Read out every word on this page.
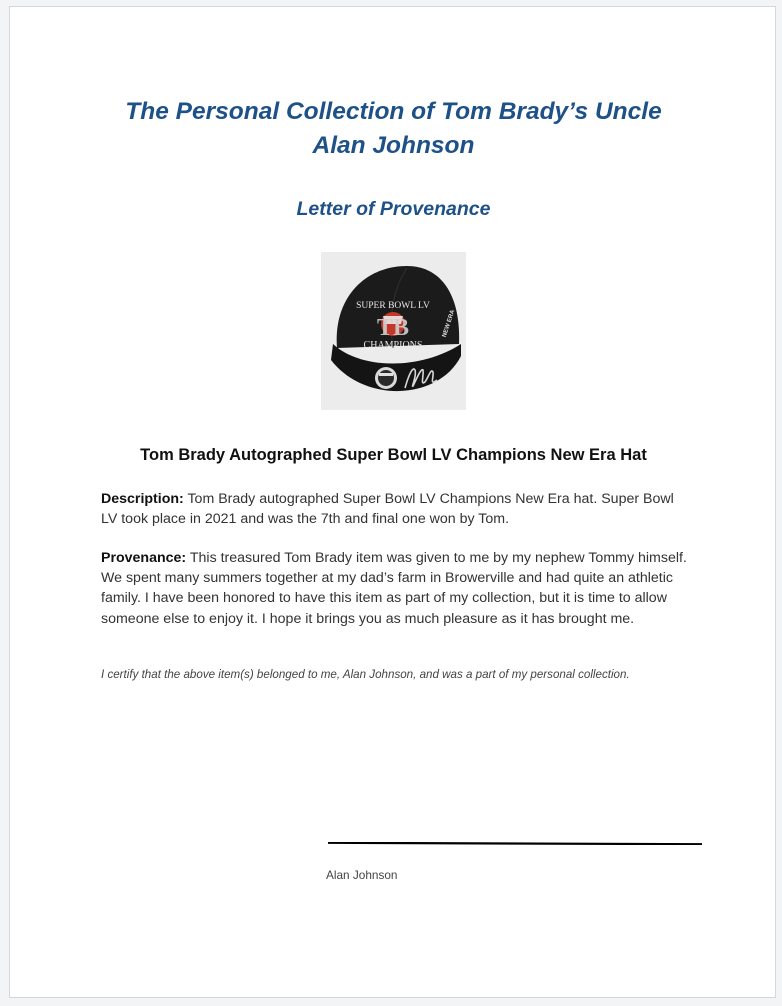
The Personal Collection of Tom Brady’s Uncle
Alan Johnson
Letter of Provenance
SUPER BOWL LV
TB
CHAMPIONS
NEW ERA
Tom Brady Autographed Super Bowl LV Champions New Era Hat

Description: Tom Brady autographed Super Bowl LV Champions New Era hat. Super Bowl LV took place in 2021 and was the 7th and final one won by Tom.

Provenance: This treasured Tom Brady item was given to me by my nephew Tommy himself. We spent many summers together at my dad’s farm in Browerville and had quite an athletic family. I have been honored to have this item as part of my collection, but it is time to allow someone else to enjoy it. I hope it brings you as much pleasure as it has brought me.

I certify that the above item(s) belonged to me, Alan Johnson, and was a part of my personal collection.

Alan Johnson
